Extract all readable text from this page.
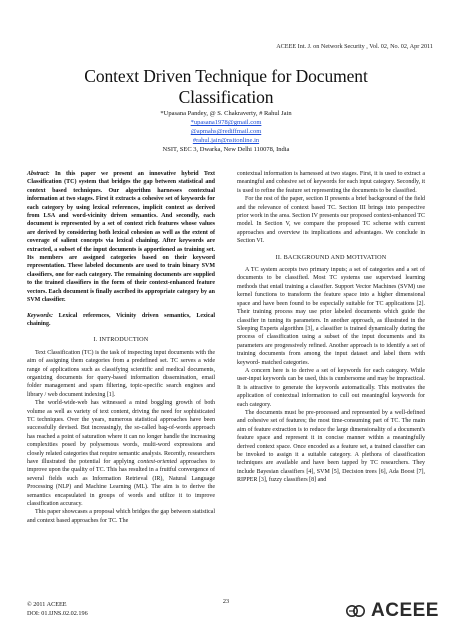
ACEEE Int. J. on Network Security , Vol. 02, No. 02, Apr 2011
Context Driven Technique for Document
Classification
*Upasana Pandey, @ S. Chakraverty, # Rahul Jain
*upasana1978@gmail.com
@apmahs@rediffmail.com
#rahul.jain@nsitonline.in
NSIT, SEC 3, Dwarka, New Delhi 110078, India

Abstract: In this paper we present an innovative hybrid Text Classification (TC) system that bridges the gap between statistical and context based techniques. Our algorithm harnesses contextual information at two stages. First it extracts a cohesive set of keywords for each category by using lexical references, implicit context as derived from LSA and word-vicinity driven semantics. And secondly, each document is represented by a set of context rich features whose values are derived by considering both lexical cohesion as well as the extent of coverage of salient concepts via lexical chaining. After keywords are extracted, a subset of the input documents is apportioned as training set. Its members are assigned categories based on their keyword representation. These labeled documents are used to train binary SVM classifiers, one for each category. The remaining documents are supplied to the trained classifiers in the form of their context-enhanced feature vectors. Each document is finally ascribed its appropriate category by an SVM classifier.

Keywords: Lexical references, Vicinity driven semantics, Lexical chaining.

I. INTRODUCTION

Text Classification (TC) is the task of inspecting input documents with the aim of assigning them categories from a predefined set. TC serves a wide range of applications such as classifying scientific and medical documents, organizing documents for query-based information dissemination, email folder management and spam filtering, topic-specific search engines and library / web document indexing [1].

The world-wide-web has witnessed a mind boggling growth of both volume as well as variety of text content, driving the need for sophisticated TC techniques. Over the years, numerous statistical approaches have been successfully devised. But increasingly, the so-called bag-of-words approach has reached a point of saturation where it can no longer handle the increasing complexities posed by polysemous words, multi-word expressions and closely related categories that require semantic analysis. Recently, researchers have illustrated the potential for applying context-oriented approaches to improve upon the quality of TC. This has resulted in a fruitful convergence of several fields such as Information Retrieval (IR), Natural Language Processing (NLP) and Machine Learning (ML). The aim is to derive the semantics encapsulated in groups of words and utilize it to improve classification accuracy.

This paper showcases a proposal which bridges the gap between statistical and context based approaches for TC. The

contextual information is harnessed at two stages. First, it is used to extract a meaningful and cohesive set of keywords for each input category. Secondly, it is used to refine the feature set representing the documents to be classified.

For the rest of the paper, section II presents a brief background of the field and the relevance of context based TC. Section III brings into perspective prior work in the area. Section IV presents our proposed context-enhanced TC model. In Section V, we compare the proposed TC scheme with current approaches and overview its implications and advantages. We conclude in Section VI.

II. BACKGROUND AND MOTIVATION

A TC system accepts two primary inputs; a set of categories and a set of documents to be classified. Most TC systems use supervised learning methods that entail training a classifier. Support Vector Machines (SVM) use kernel functions to transform the feature space into a higher dimensional space and have been found to be especially suitable for TC applications [2]. Their training process may use prior labeled documents which guide the classifier in tuning its parameters. In another approach, as illustrated in the Sleeping Experts algorithm [3], a classifier is trained dynamically during the process of classification using a subset of the input documents and its parameters are progressively refined. Another approach is to identify a set of training documents from among the input dataset and label them with keyword- matched categories.

A concern here is to derive a set of keywords for each category. While user-input keywords can be used, this is cumbersome and may be impractical. It is attractive to generate the keywords automatically. This motivates the application of contextual information to cull out meaningful keywords for each category.

The documents must be pre-processed and represented by a well-defined and cohesive set of features; the most time-consuming part of TC. The main aim of feature extraction is to reduce the large dimensionality of a document's feature space and represent it in concise manner within a meaningfully derived context space. Once encoded as a feature set, a trained classifier can be invoked to assign it a suitable category. A plethora of classification techniques are available and have been tapped by TC researchers. They include Bayesian classifiers [4], SVM [5], Decision trees [6], Ada Boost [7], RIPPER [3], fuzzy classifiers [8] and

© 2011 ACEEE
DOI: 01.IJNS.02.02.196
23	ACEEE
